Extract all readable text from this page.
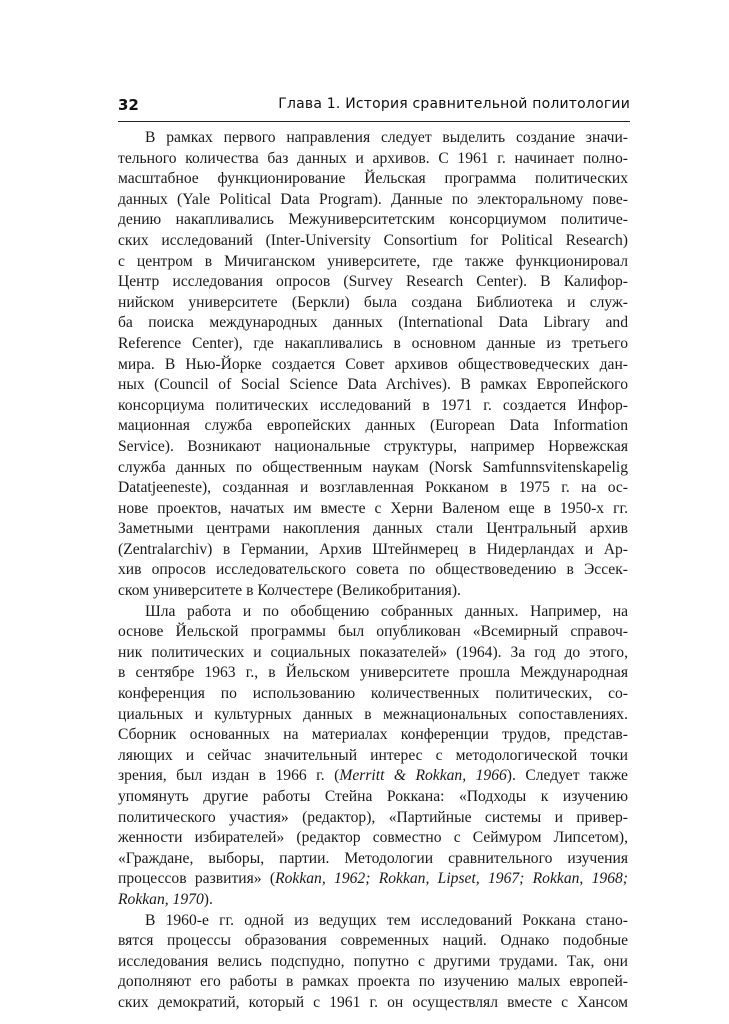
32	Глава 1. История сравнительной политологии

В рамках первого направления следует выделить создание значи-
тельного количества баз данных и архивов. С 1961 г. начинает полно-
масштабное функционирование Йельская программа политических
данных (Yale Political Data Program). Данные по электоральному пове-
дению накапливались Межуниверситетским консорциумом политиче-
ских исследований (Inter-University Consortium for Political Research)
с центром в Мичиганском университете, где также функционировал
Центр исследования опросов (Survey Research Center). В Калифор-
нийском университете (Беркли) была создана Библиотека и служ-
ба поиска международных данных (International Data Library and
Reference Center), где накапливались в основном данные из третьего
мира. В Нью-Йорке создается Совет архивов обществоведческих дан-
ных (Council of Social Science Data Archives). В рамках Европейского
консорциума политических исследований в 1971 г. создается Инфор-
мационная служба европейских данных (European Data Information
Service). Возникают национальные структуры, например Норвежская
служба данных по общественным наукам (Norsk Samfunnsvitenskapelig
Datatjeeneste), созданная и возглавленная Рокканом в 1975 г. на ос-
нове проектов, начатых им вместе с Херни Валеном еще в 1950-х гг.
Заметными центрами накопления данных стали Центральный архив
(Zentralarchiv) в Германии, Архив Штейнмерец в Нидерландах и Ар-
хив опросов исследовательского совета по обществоведению в Эссек-
ском университете в Колчестере (Великобритания).

Шла работа и по обобщению собранных данных. Например, на
основе Йельской программы был опубликован «Всемирный справоч-
ник политических и социальных показателей» (1964). За год до этого,
в сентябре 1963 г., в Йельском университете прошла Международная
конференция по использованию количественных политических, со-
циальных и культурных данных в межнациональных сопоставлениях.
Сборник основанных на материалах конференции трудов, представ-
ляющих и сейчас значительный интерес с методологической точки
зрения, был издан в 1966 г. (Merritt & Rokkan, 1966). Следует также
упомянуть другие работы Стейна Роккана: «Подходы к изучению
политического участия» (редактор), «Партийные системы и привер-
женности избирателей» (редактор совместно с Сеймуром Липсетом),
«Граждане, выборы, партии. Методологии сравнительного изучения
процессов развития» (Rokkan, 1962; Rokkan, Lipset, 1967; Rokkan, 1968;
Rokkan, 1970).

В 1960-е гг. одной из ведущих тем исследований Роккана стано-
вятся процессы образования современных наций. Однако подобные
исследования велись подспудно, попутно с другими трудами. Так, они
дополняют его работы в рамках проекта по изучению малых европей-
ских демократий, который с 1961 г. он осуществлял вместе с Хансом
